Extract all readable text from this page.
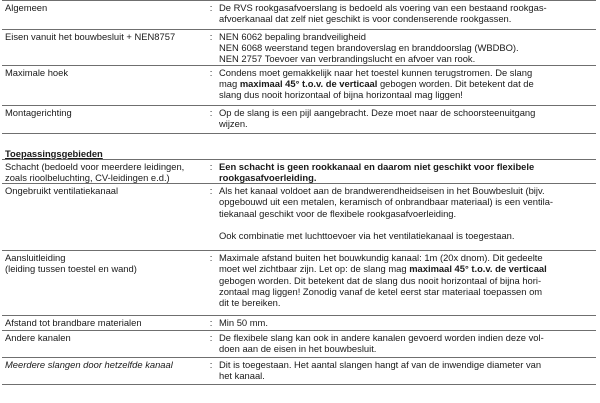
Algemeen	:	De RVS rookgasafvoerslang is bedoeld als voering van een bestaand rookgas-
afvoerkanaal dat zelf niet geschikt is voor condenserende rookgassen.

Eisen vanuit het bouwbesluit + NEN8757	:	NEN 6062 bepaling brandveiligheid
NEN 6068 weerstand tegen brandoverslag en branddoorslag (WBDBO).
NEN 2757 Toevoer van verbrandingslucht en afvoer van rook.

Maximale hoek	:	Condens moet gemakkelijk naar het toestel kunnen terugstromen. De slang
mag maximaal 45° t.o.v. de verticaal gebogen worden. Dit betekent dat de
slang dus nooit horizontaal of bijna horizontaal mag liggen!

Montagerichting	:	Op de slang is een pijl aangebracht. Deze moet naar de schoorsteenuitgang
wijzen.

Toepassingsgebieden		

Schacht (bedoeld voor meerdere leidingen,
zoals rioolbeluchting, CV-leidingen e.d.)	:	Een schacht is geen rookkanaal en daarom niet geschikt voor flexibele
rookgasafvoerleiding.

Ongebruikt ventilatiekanaal	:	Als het kanaal voldoet aan de brandwerendheidseisen in het Bouwbesluit (bijv.
opgebouwd uit een metalen, keramisch of onbrandbaar materiaal) is een ventila-
tiekanaal geschikt voor de flexibele rookgasafvoerleiding.
Ook combinatie met luchttoevoer via het ventilatiekanaal is toegestaan.

Aansluitleiding
(leiding tussen toestel en wand)	:	Maximale afstand buiten het bouwkundig kanaal: 1m (20x dnom). Dit gedeelte
moet wel zichtbaar zijn. Let op: de slang mag maximaal 45° t.o.v. de verticaal
gebogen worden. Dit betekent dat de slang dus nooit horizontaal of bijna hori-
zontaal mag liggen! Zonodig vanaf de ketel eerst star materiaal toepassen om
dit te bereiken.

Afstand tot brandbare materialen	:	Min 50 mm.

Andere kanalen	:	De flexibele slang kan ook in andere kanalen gevoerd worden indien deze vol-
doen aan de eisen in het bouwbesluit.

Meerdere slangen door hetzelfde kanaal	:	Dit is toegestaan. Het aantal slangen hangt af van de inwendige diameter van
het kanaal.
